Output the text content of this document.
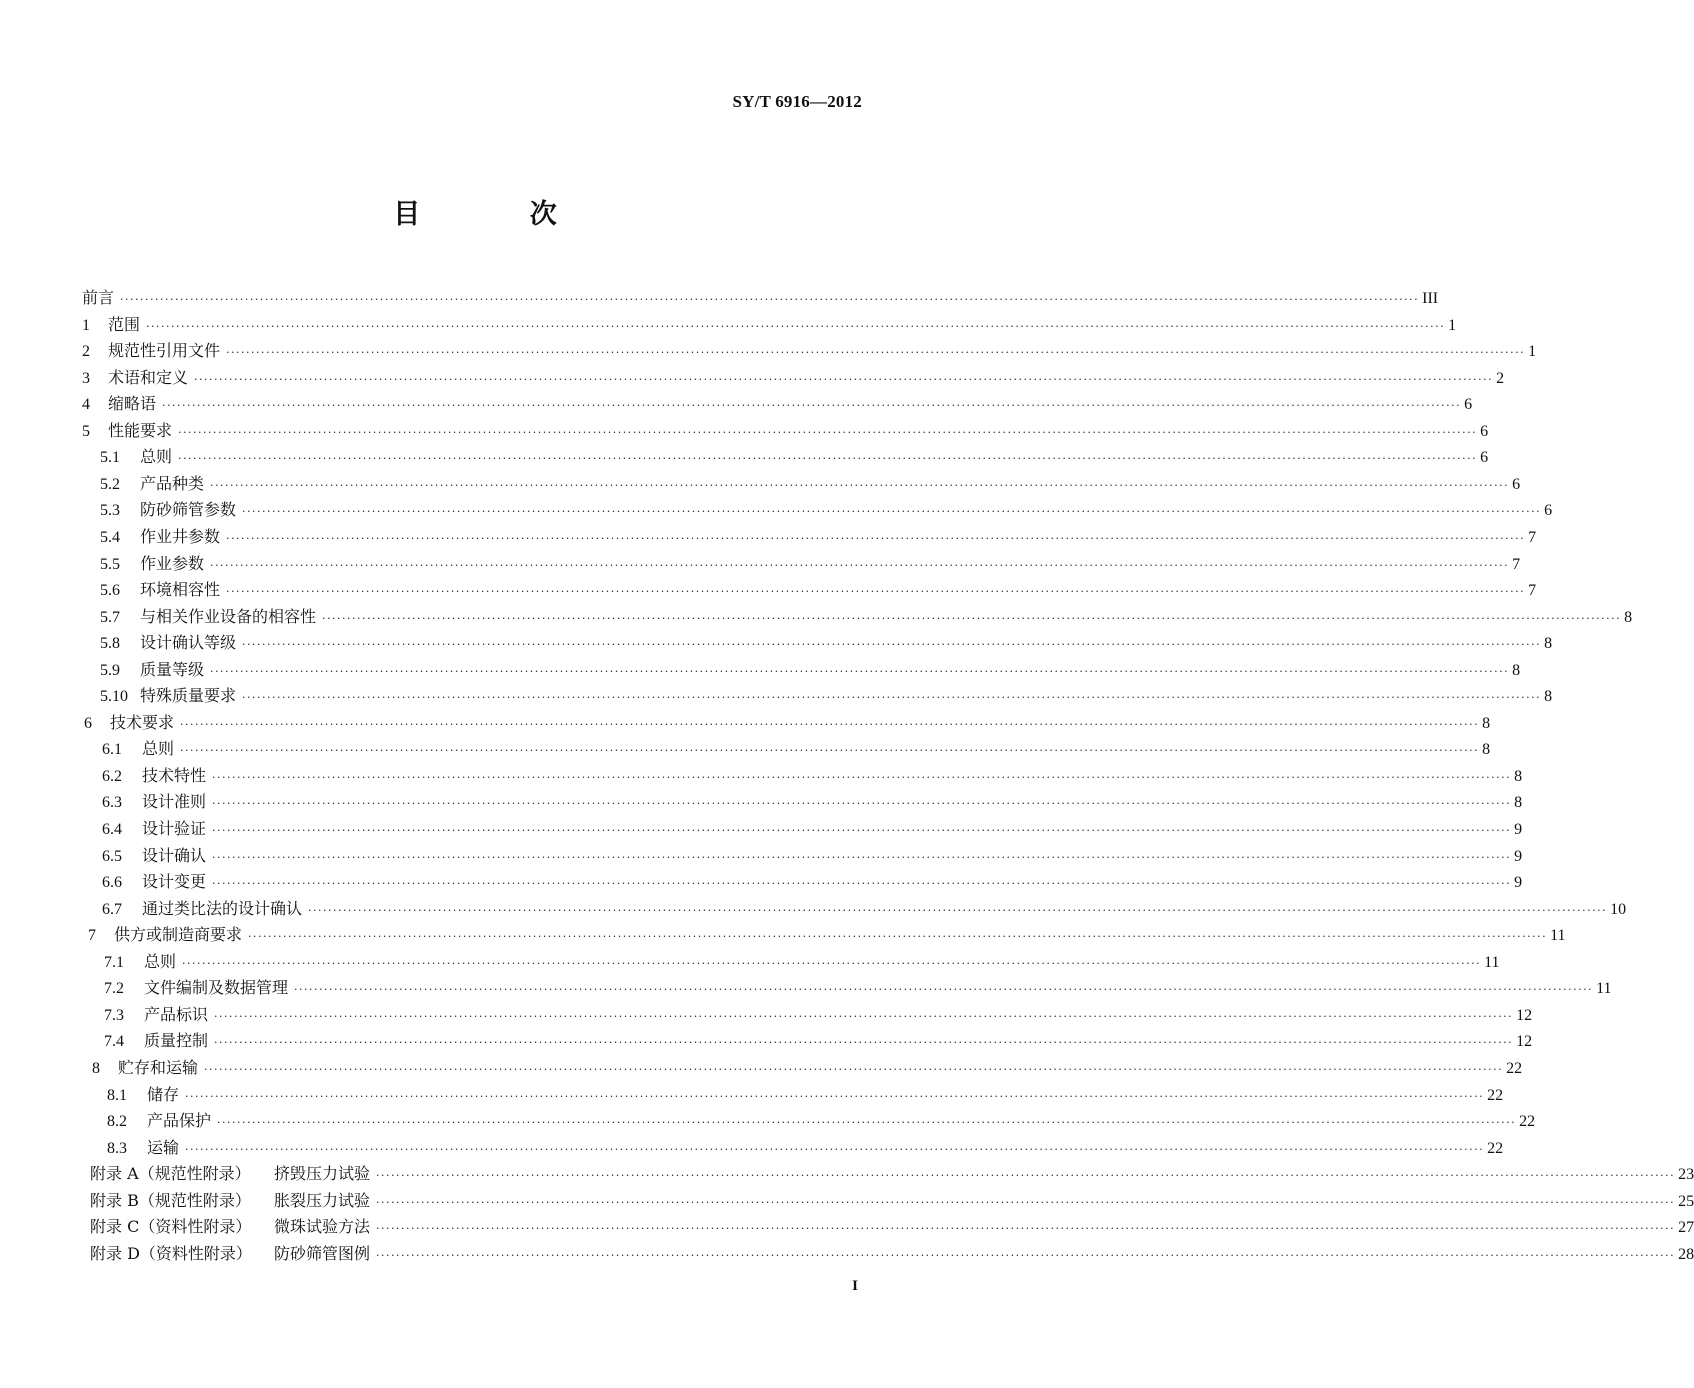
SY/T 6916—2012
目 次
前言 ···································································································································································································································································· III
1	范围 ···································································································································································································································································· 1
2	规范性引用文件 ···································································································································································································································································· 1
3	术语和定义 ···································································································································································································································································· 2
4	缩略语 ···································································································································································································································································· 6
5	性能要求 ···································································································································································································································································· 6
5.1	总则 ···································································································································································································································································· 6
5.2	产品种类 ···································································································································································································································································· 6
5.3	防砂筛管参数 ···································································································································································································································································· 6
5.4	作业井参数 ···································································································································································································································································· 7
5.5	作业参数 ···································································································································································································································································· 7
5.6	环境相容性 ···································································································································································································································································· 7
5.7	与相关作业设备的相容性 ···································································································································································································································································· 8
5.8	设计确认等级 ···································································································································································································································································· 8
5.9	质量等级 ···································································································································································································································································· 8
5.10 特殊质量要求 ···································································································································································································································································· 8
6	技术要求 ···································································································································································································································································· 8
6.1	总则 ···································································································································································································································································· 8
6.2	技术特性 ···································································································································································································································································· 8
6.3	设计准则 ···································································································································································································································································· 8
6.4	设计验证 ···································································································································································································································································· 9
6.5	设计确认 ···································································································································································································································································· 9
6.6	设计变更 ···································································································································································································································································· 9
6.7	通过类比法的设计确认 ···································································································································································································································································· 10
7	供方或制造商要求 ···································································································································································································································································· 11
7.1	总则 ···································································································································································································································································· 11
7.2	文件编制及数据管理 ···································································································································································································································································· 11
7.3	产品标识 ···································································································································································································································································· 12
7.4	质量控制 ···································································································································································································································································· 12
8	贮存和运输 ···································································································································································································································································· 22
8.1	储存 ···································································································································································································································································· 22
8.2	产品保护 ···································································································································································································································································· 22
8.3	运输 ···································································································································································································································································· 22
附录 A（规范性附录）	挤毁压力试验 ···································································································································································································································································· 23
附录 B（规范性附录）	胀裂压力试验 ···································································································································································································································································· 25
附录 C（资料性附录）	微珠试验方法 ···································································································································································································································································· 27
附录 D（资料性附录）	防砂筛管图例 ···································································································································································································································································· 28
I
